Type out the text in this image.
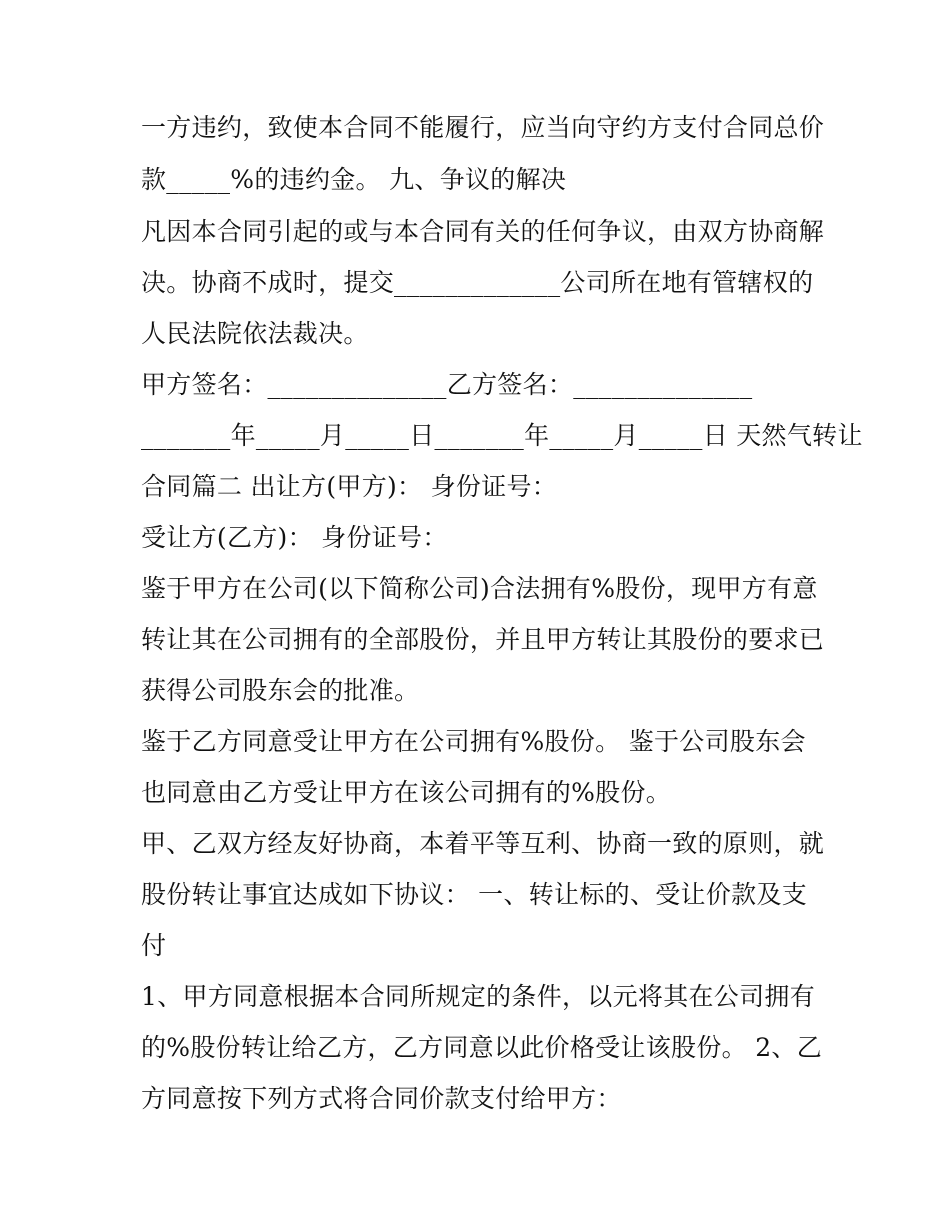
一方违约，致使本合同不能履行，应当向守约方支付合同总价

款_____%的违约金。 九、争议的解决

凡因本合同引起的或与本合同有关的任何争议，由双方协商解

决。协商不成时，提交_____________公司所在地有管辖权的

人民法院依法裁决。

甲方签名：______________乙方签名：______________

_______年_____月_____日_______年_____月_____日 天然气转让

合同篇二 出让方(甲方)： 身份证号：

受让方(乙方)： 身份证号：

鉴于甲方在公司(以下简称公司)合法拥有%股份，现甲方有意

转让其在公司拥有的全部股份，并且甲方转让其股份的要求已

获得公司股东会的批准。

鉴于乙方同意受让甲方在公司拥有%股份。 鉴于公司股东会

也同意由乙方受让甲方在该公司拥有的%股份。

甲、乙双方经友好协商，本着平等互利、协商一致的原则，就

股份转让事宜达成如下协议： 一、转让标的、受让价款及支

付

1、甲方同意根据本合同所规定的条件，以元将其在公司拥有

的%股份转让给乙方，乙方同意以此价格受让该股份。 2、乙

方同意按下列方式将合同价款支付给甲方：
